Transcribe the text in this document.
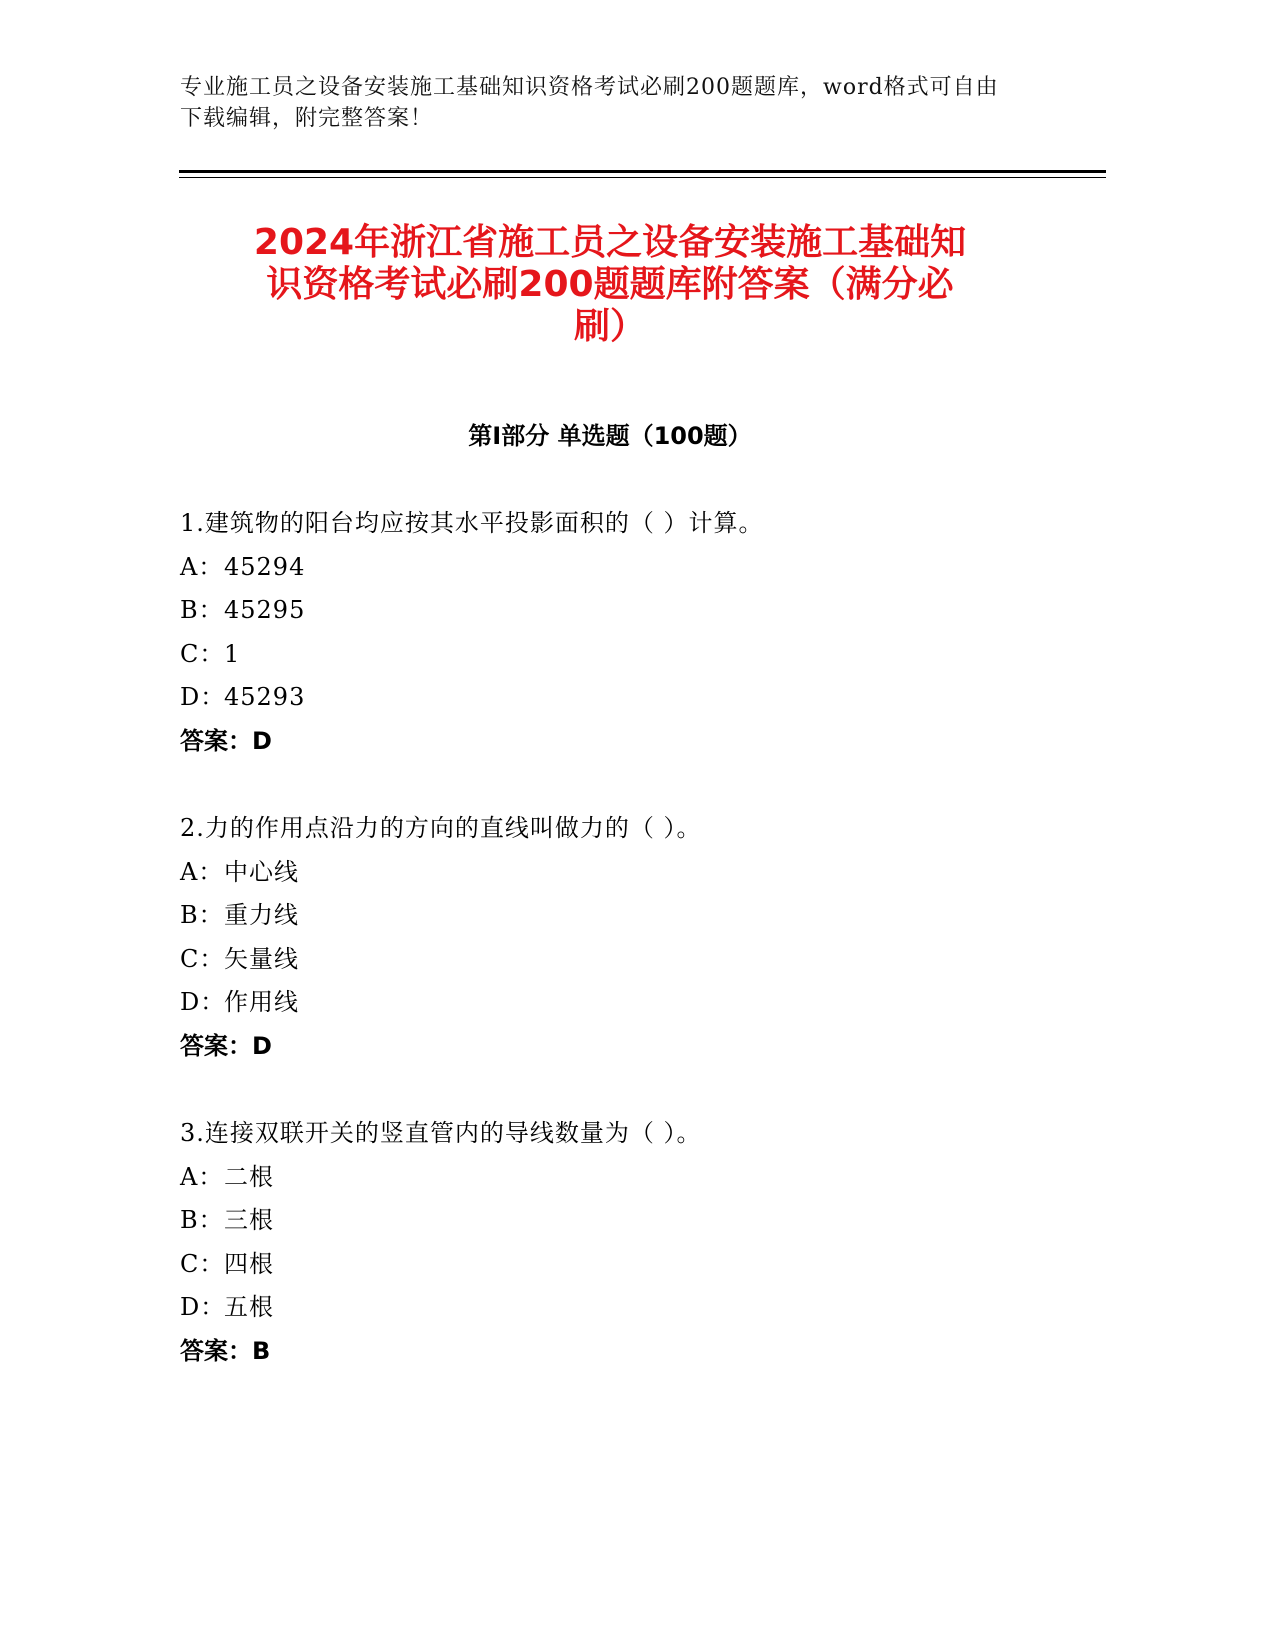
专业施工员之设备安装施工基础知识资格考试必刷200题题库，word格式可自由
下载编辑，附完整答案！
2024年浙江省施工员之设备安装施工基础知
识资格考试必刷200题题库附答案（满分必
刷）
第Ⅰ部分 单选题（100题）
1.建筑物的阳台均应按其水平投影面积的（ ）计算。
A：45294
B：45295
C：1
D：45293
答案：D
2.力的作用点沿力的方向的直线叫做力的（ ）。
A：中心线
B：重力线
C：矢量线
D：作用线
答案：D
3.连接双联开关的竖直管内的导线数量为（ ）。
A：二根
B：三根
C：四根
D：五根
答案：B
